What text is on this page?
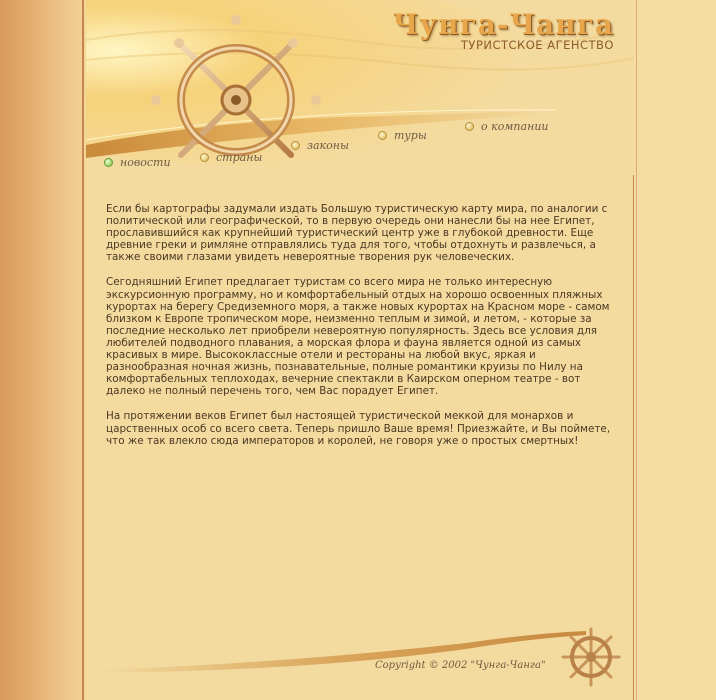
Чунга-Чанга
ТУРИСТСКОЕ АГЕНСТВО
новости	страны
законы
туры
о компании

Если бы картографы задумали издать Большую туристическую карту мира, по аналогии с политической или географической, то в первую очередь они нанесли бы на нее Египет, прославившийся как крупнейший туристический центр уже в глубокой древности. Еще древние греки и римляне отправлялись туда для того, чтобы отдохнуть и развлечься, а также своими глазами увидеть невероятные творения рук человеческих.

Сегодняшний Египет предлагает туристам со всего мира не только интересную экскурсионную программу, но и комфортабельный отдых на хорошо освоенных пляжных курортах на берегу Средиземного моря, а также новых курортах на Красном море - самом близком к Европе тропическом море, неизменно теплым и зимой, и летом, - которые за последние несколько лет приобрели невероятную популярность. Здесь все условия для любителей подводного плавания, а морская флора и фауна является одной из самых красивых в мире. Высококлассные отели и рестораны на любой вкус, яркая и разнообразная ночная жизнь, познавательные, полные романтики круизы по Нилу на комфортабельных теплоходах, вечерние спектакли в Каирском оперном театре - вот далеко не полный перечень того, чем Вас порадует Египет.

На протяжении веков Египет был настоящей туристической меккой для монархов и царственных особ со всего света. Теперь пришло Ваше время! Приезжайте, и Вы поймете, что же так влекло сюда императоров и королей, не говоря уже о простых смертных!

Copyright © 2002 "Чунга-Чанга"
